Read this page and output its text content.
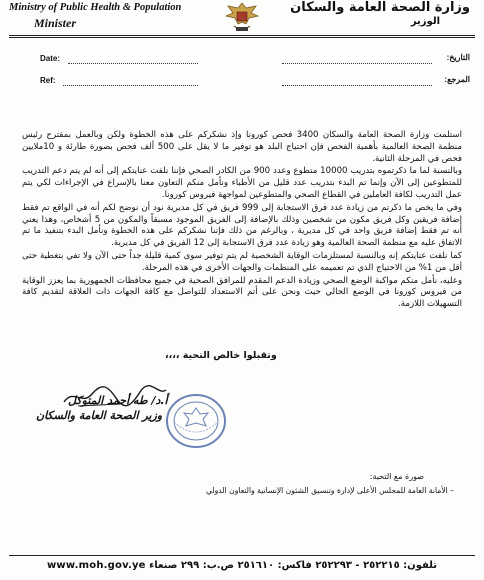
Ministry of Public Health & Population
Minister
وزارة الصحة العامة والسكان
الوزير
Date:
Ref:
التاريخ:
المرجع:

استلمت وزارة الصحة العامة والسكان 3400 فحص كورونا وإذ نشكركم على هذه الخطوة ولكن وبالعمل بمقترح رئيس منظمة الصحة العالمية بأهمية الفحص فإن احتياج البلد هو توفير ما لا يقل على 500 ألف فحص بصورة طارئة و 10ملايين فحص في المرحلة الثانية.

وبالنسبة لما ما ذكرتموه بتدريب 10000 متطوع وعدد 900 من الكادر الصحي فإننا نلفت عنايتكم إلى أنه لم يتم دعم التدريب للمتطوعين إلى الآن وإنما تم البدء بتدريب عدد قليل من الأطباء ونأمل منكم التعاون معنا بالإسراع في الإجراءات لكي يتم عمل التدريب لكافة العاملين في القطاع الصحي والمتطوعين لمواجهة فيروس كورونا.

وفي ما يخص ما ذكرتم من زيادة عدد فرق الاستجابة إلى 999 فريق في كل مديرية نود أن نوضح لكم أنه في الواقع تم فقط إضافة فريقين وكل فريق مكون من شخصين وذلك بالإضافة إلى الفريق الموجود مسبقاً والمكون من 5 أشخاص، وهذا يعني أنه تم فقط إضافة فريق واحد في كل مديرية ، وبالرغم من ذلك فإننا نشكركم على هذه الخطوة ونأمل البدء بتنفيذ ما تم الاتفاق عليه مع منظمة الصحة العالمية وهو زيادة عدد فرق الاستجابة إلى 12 الفريق في كل مديرية.

كما نلفت عنايتكم إنه وبالنسبة لمستلزمات الوقاية الشخصية لم يتم توفير سوى كمية قليلة جداً حتى الآن ولا تفي بتغطية حتى أقل من 1% من الاحتياج الذي تم تعميمه على المنظمات والجهات الأخرى في هذه المرحلة.

وعليه، نأمل منكم مواكبة الوضع الصحي وزيادة الدعم المقدم للمرافق الصحية في جميع محافظات الجمهورية بما يعزز الوقاية من فيروس كورونا في الوضع الحالي حيث ونحن على أتم الاستعداد للتواصل مع كافة الجهات ذات العلاقة لتقديم كافة التسهيلات اللازمة.

وتقبلوا خالص التحية ،،،،
أ.د/ طه أحمد المتوكل
وزير الصحة العامة والسكان
صورة مع التحية:
– الأمانة العامة للمجلس الأعلى لإدارة وتنسيق الشئون الإنسانية والتعاون الدولي
تلفون: ٢٥٢٢١٥ - ٢٥٢٢٩٣ فاكس: ٢٥١٦١٠ ص.ب: ٢٩٩ صنعاء www.moh.gov.ye
